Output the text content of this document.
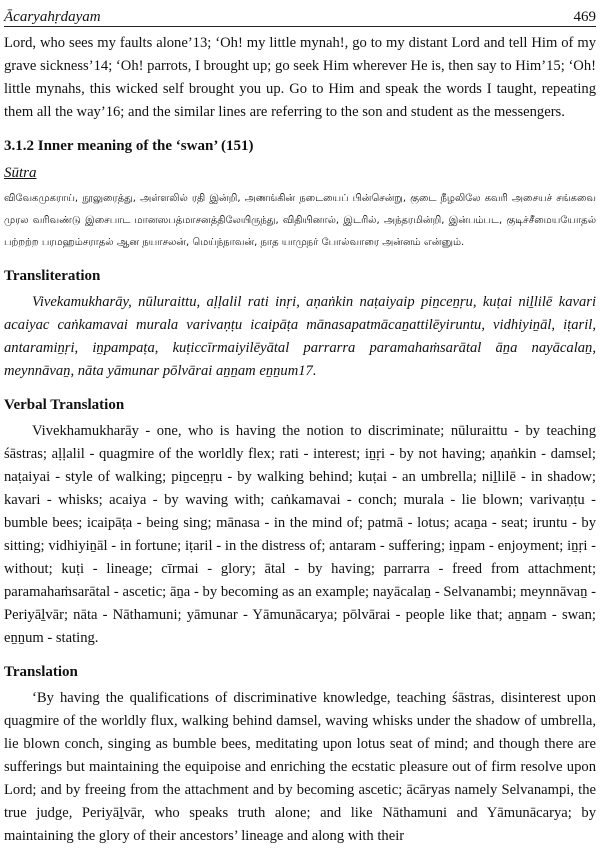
Ācaryahṛdayam	469

Lord, who sees my faults alone’13; ‘Oh! my little mynah!, go to my distant Lord and tell Him of my grave sickness’14; ‘Oh! parrots, I brought up; go seek Him wherever He is, then say to Him’15; ‘Oh! little mynahs, this wicked self brought you up. Go to Him and speak the words I taught, repeating them all the way’16; and the similar lines are referring to the son and student as the messengers.

3.1.2 Inner meaning of the ‘swan’ (151)
Sūtra

விவேகமுகராய், நூலுரைத்து, அள்ளலில் ரதி இன்றி, அணங்கின் நடையைப் பின்சென்று, குடை நீழலிலே கவரி அசையச் சங்கவை முரல வரிவண்டு இசைபாட மானஸபத்மாசனத்திலேயிருந்து, விதியினால், இடரில், அந்தரமின்றி, இன்பம்பட, குடிச்சீமையயோதல் பற்றற்ற பரமஹம்சராதல் ஆன நயாசலன், மெய்ந்நாவன், நாத யாமுநர் போல்வாரை அன்னம் என்னும்.

Transliteration

Vivekamukharāy, nūluraittu, aḷḷalil rati inṛi, aṇaṅkin naṭaiyaip piṉceṉṛu, kuṭai niḻlilē kavari acaiyac caṅkamavai murala varivaṇṭu icaipāṭa mānasapatmācaṉattilēyiruntu, vidhiyiṉāl, iṭaril, antaramiṉṛi, iṉpampaṭa, kuṭiccīrmaiyilēyātal parrarra paramahaṁsarātal āṉa nayācalaṉ, meynnāvaṉ, nāta yāmunar pōlvārai aṉṉam eṉṉum17.

Verbal Translation

Vivekhamukharāy - one, who is having the notion to discriminate; nūluraittu - by teaching śāstras; aḷḷalil - quagmire of the worldly flex; rati - interest; iṉṛi - by not having; aṇaṅkin - damsel; naṭaiyai - style of walking; piṉceṉṛu - by walking behind; kuṭai - an umbrella; niḻlilē - in shadow; kavari - whisks; acaiya - by waving with; caṅkamavai - conch; murala - lie blown; varivaṇṭu - bumble bees; icaipāṭa - being sing; mānasa - in the mind of; patmā - lotus; acaṉa - seat; iruntu - by sitting; vidhiyiṉāl - in fortune; iṭaril - in the distress of; antaram - suffering; iṉpam - enjoyment; iṉṛi - without; kuṭi - lineage; cīrmai - glory; ātal - by having; parrarra - freed from attachment; paramahaṁsarātal - ascetic; āṉa - by becoming as an example; nayācalaṉ - Selvanambi; meynnāvaṉ - Periyāḻvār; nāta - Nāthamuni; yāmunar - Yāmunācarya; pōlvārai - people like that; aṉṉam - swan; eṉṉum - stating.

Translation

‘By having the qualifications of discriminative knowledge, teaching śāstras, disinterest upon quagmire of the worldly flux, walking behind damsel, waving whisks under the shadow of umbrella, lie blown conch, singing as bumble bees, meditating upon lotus seat of mind; and though there are sufferings but maintaining the equipoise and enriching the ecstatic pleasure out of firm resolve upon Lord; and by freeing from the attachment and by becoming ascetic; ācāryas namely Selvanampi, the true judge, Periyāḻvār, who speaks truth alone; and like Nāthamuni and Yāmunācarya; by maintaining the glory of their ancestors’ lineage and along with their
